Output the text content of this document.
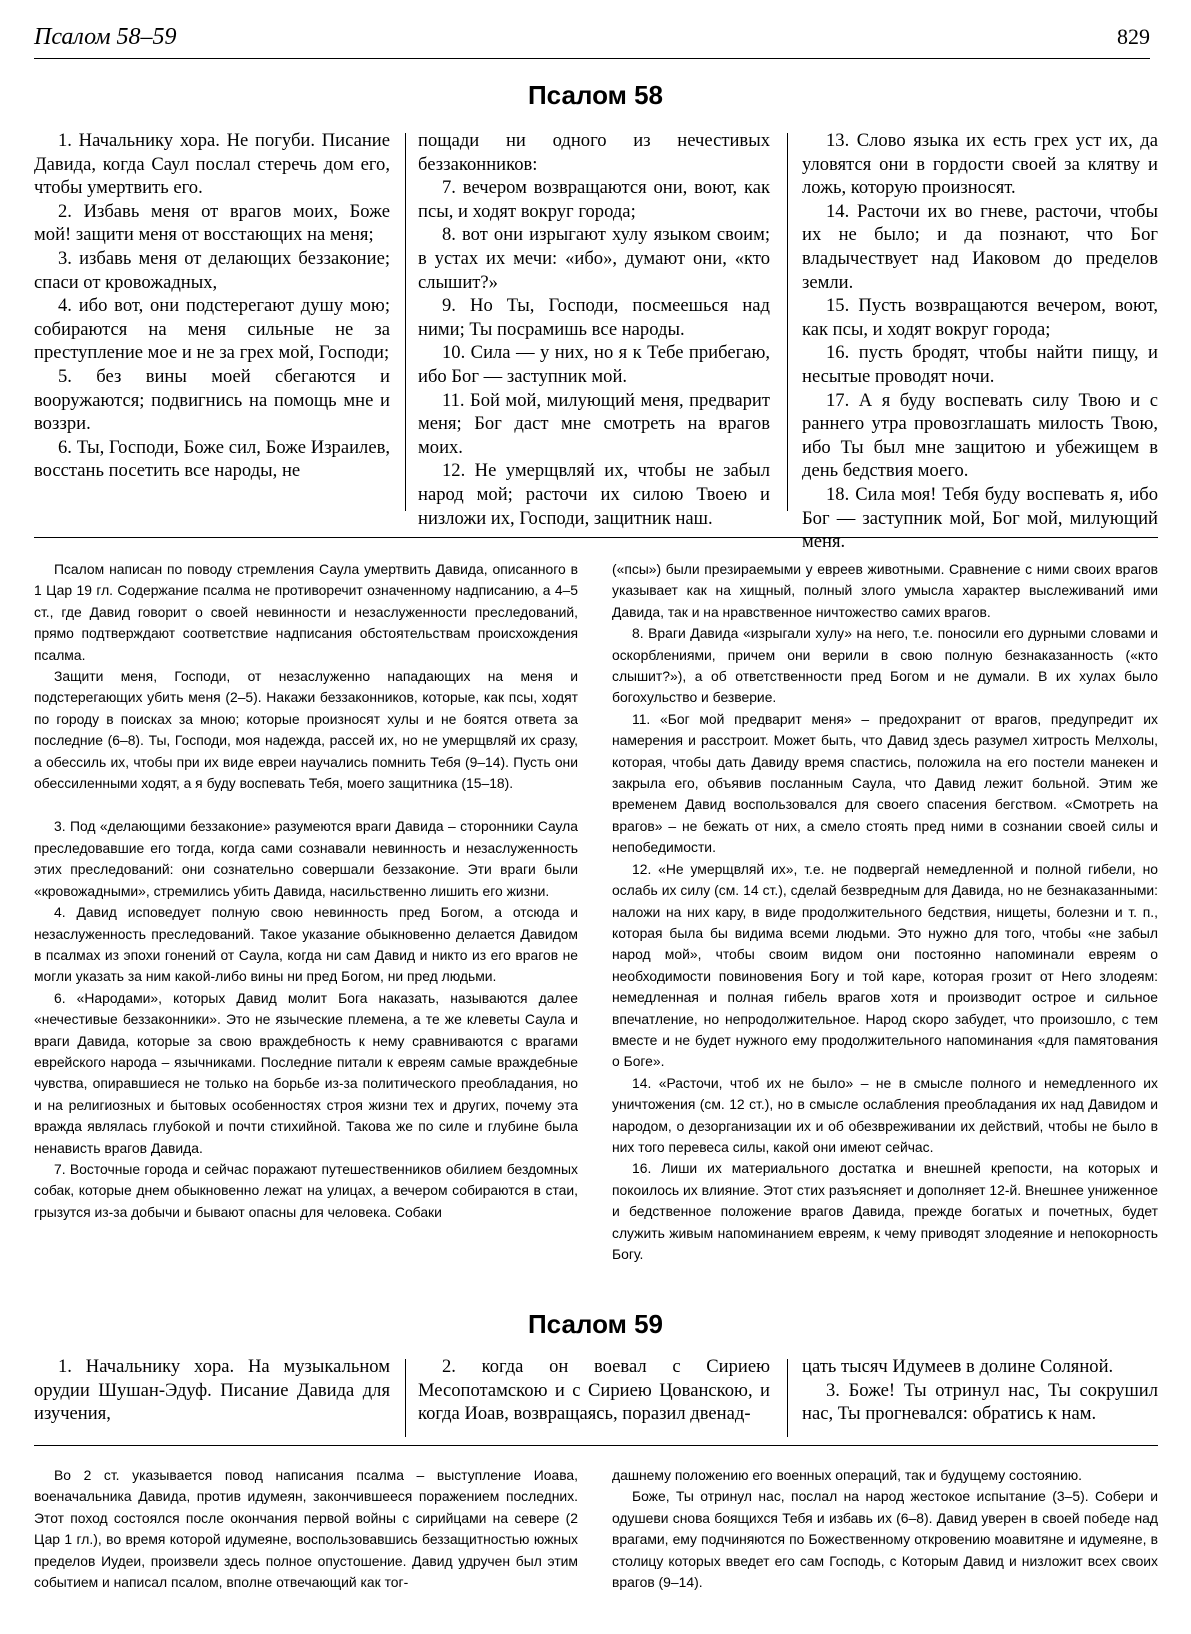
Псалом 58–59	829
Псалом 58

1. Начальнику хора. Не погуби. Писание Давида, когда Саул послал стеречь дом его, чтобы умертвить его.

2. Избавь меня от врагов моих, Боже мой! защити меня от восстающих на меня;

3. избавь меня от делающих беззаконие; спаси от кровожадных,

4. ибо вот, они подстерегают душу мою; собираются на меня сильные не за преступление мое и не за грех мой, Господи;

5. без вины моей сбегаются и вооружаются; подвигнись на помощь мне и воззри.

6. Ты, Господи, Боже сил, Боже Израилев, восстань посетить все народы, не

пощади ни одного из нечестивых беззаконников:

7. вечером возвращаются они, воют, как псы, и ходят вокруг города;

8. вот они изрыгают хулу языком своим; в устах их мечи: «ибо», думают они, «кто слышит?»

9. Но Ты, Господи, посмеешься над ними; Ты посрамишь все народы.

10. Сила — у них, но я к Тебе прибегаю, ибо Бог — заступник мой.

11. Бой мой, милующий меня, предварит меня; Бог даст мне смотреть на врагов моих.

12. Не умерщвляй их, чтобы не забыл народ мой; расточи их силою Твоею и низложи их, Господи, защитник наш.

13. Слово языка их есть грех уст их, да уловятся они в гордости своей за клятву и ложь, которую произносят.

14. Расточи их во гневе, расточи, чтобы их не было; и да познают, что Бог владычествует над Иаковом до пределов земли.

15. Пусть возвращаются вечером, воют, как псы, и ходят вокруг города;

16. пусть бродят, чтобы найти пищу, и несытые проводят ночи.

17. А я буду воспевать силу Твою и с раннего утра провозглашать милость Твою, ибо Ты был мне защитою и убежищем в день бедствия моего.

18. Сила моя! Тебя буду воспевать я, ибо Бог — заступник мой, Бог мой, милующий меня.

Псалом написан по поводу стремления Саула умертвить Давида, описанного в 1 Цар 19 гл. Содержание псалма не противоречит означенному надписанию, а 4–5 ст., где Давид говорит о своей невинности и незаслуженности преследований, прямо подтверждают соответствие надписания обстоятельствам происхождения псалма.

Защити меня, Господи, от незаслуженно нападающих на меня и подстерегающих убить меня (2–5). Накажи беззаконников, которые, как псы, ходят по городу в поисках за мною; которые произносят хулы и не боятся ответа за последние (6–8). Ты, Господи, моя надежда, рассей их, но не умерщвляй их сразу, а обессиль их, чтобы при их виде евреи научались помнить Тебя (9–14). Пусть они обессиленными ходят, а я буду воспевать Тебя, моего защитника (15–18).

3. Под «делающими беззаконие» разумеются враги Давида – сторонники Саула преследовавшие его тогда, когда сами сознавали невинность и незаслуженность этих преследований: они сознательно совершали беззаконие. Эти враги были «кровожадными», стремились убить Давида, насильственно лишить его жизни.

4. Давид исповедует полную свою невинность пред Богом, а отсюда и незаслуженность преследований. Такое указание обыкновенно делается Давидом в псалмах из эпохи гонений от Саула, когда ни сам Давид и никто из его врагов не могли указать за ним какой-либо вины ни пред Богом, ни пред людьми.

6. «Народами», которых Давид молит Бога наказать, называются далее «нечестивые беззаконники». Это не языческие племена, а те же клеветы Саула и враги Давида, которые за свою враждебность к нему сравниваются с врагами еврейского народа – язычниками. Последние питали к евреям самые враждебные чувства, опиравшиеся не только на борьбе из-за политического преобладания, но и на религиозных и бытовых особенностях строя жизни тех и других, почему эта вражда являлась глубокой и почти стихийной. Такова же по силе и глубине была ненависть врагов Давида.

7. Восточные города и сейчас поражают путешественников обилием бездомных собак, которые днем обыкновенно лежат на улицах, а вечером собираются в стаи, грызутся из-за добычи и бывают опасны для человека. Собаки

(«псы») были презираемыми у евреев животными. Сравнение с ними своих врагов указывает как на хищный, полный злого умысла характер выслеживаний ими Давида, так и на нравственное ничтожество самих врагов.

8. Враги Давида «изрыгали хулу» на него, т.е. поносили его дурными словами и оскорблениями, причем они верили в свою полную безнаказанность («кто слышит?»), а об ответственности пред Богом и не думали. В их хулах было богохульство и безверие.

11. «Бог мой предварит меня» – предохранит от врагов, предупредит их намерения и расстроит. Может быть, что Давид здесь разумел хитрость Мелхолы, которая, чтобы дать Давиду время спастись, положила на его постели манекен и закрыла его, объявив посланным Саула, что Давид лежит больной. Этим же временем Давид воспользовался для своего спасения бегством. «Смотреть на врагов» – не бежать от них, а смело стоять пред ними в сознании своей силы и непобедимости.

12. «Не умерщвляй их», т.е. не подвергай немедленной и полной гибели, но ослабь их силу (см. 14 ст.), сделай безвредным для Давида, но не безнаказанными: наложи на них кару, в виде продолжительного бедствия, нищеты, болезни и т. п., которая была бы видима всеми людьми. Это нужно для того, чтобы «не забыл народ мой», чтобы своим видом они постоянно напоминали евреям о необходимости повиновения Богу и той каре, которая грозит от Него злодеям: немедленная и полная гибель врагов хотя и производит острое и сильное впечатление, но непродолжительное. Народ скоро забудет, что произошло, с тем вместе и не будет нужного ему продолжительного напоминания «для памятования о Боге».

14. «Расточи, чтоб их не было» – не в смысле полного и немедленного их уничтожения (см. 12 ст.), но в смысле ослабления преобладания их над Давидом и народом, о дезорганизации их и об обезвреживании их действий, чтобы не было в них того перевеса силы, какой они имеют сейчас.

16. Лиши их материального достатка и внешней крепости, на которых и покоилось их влияние. Этот стих разъясняет и дополняет 12-й. Внешнее униженное и бедственное положение врагов Давида, прежде богатых и почетных, будет служить живым напоминанием евреям, к чему приводят злодеяние и непокорность Богу.

Псалом 59

1. Начальнику хора. На музыкальном орудии Шушан-Эдуф. Писание Давида для изучения,

2. когда он воевал с Сириею Месопотамскою и с Сириею Цованскою, и когда Иоав, возвращаясь, поразил двенад-

цать тысяч Идумеев в долине Соляной.

3. Боже! Ты отринул нас, Ты сокрушил нас, Ты прогневался: обратись к нам.

Во 2 ст. указывается повод написания псалма – выступление Иоава, военачальника Давида, против идумеян, закончившееся поражением последних. Этот поход состоялся после окончания первой войны с сирийцами на севере (2 Цар 1 гл.), во время которой идумеяне, воспользовавшись беззащитностью южных пределов Иудеи, произвели здесь полное опустошение. Давид удручен был этим событием и написал псалом, вполне отвечающий как тог-

дашнему положению его военных операций, так и будущему состоянию.

Боже, Ты отринул нас, послал на народ жестокое испытание (3–5). Собери и одушеви снова боящихся Тебя и избавь их (6–8). Давид уверен в своей победе над врагами, ему подчиняются по Божественному откровению моавитяне и идумеяне, в столицу которых введет его сам Господь, с Которым Давид и низложит всех своих врагов (9–14).
